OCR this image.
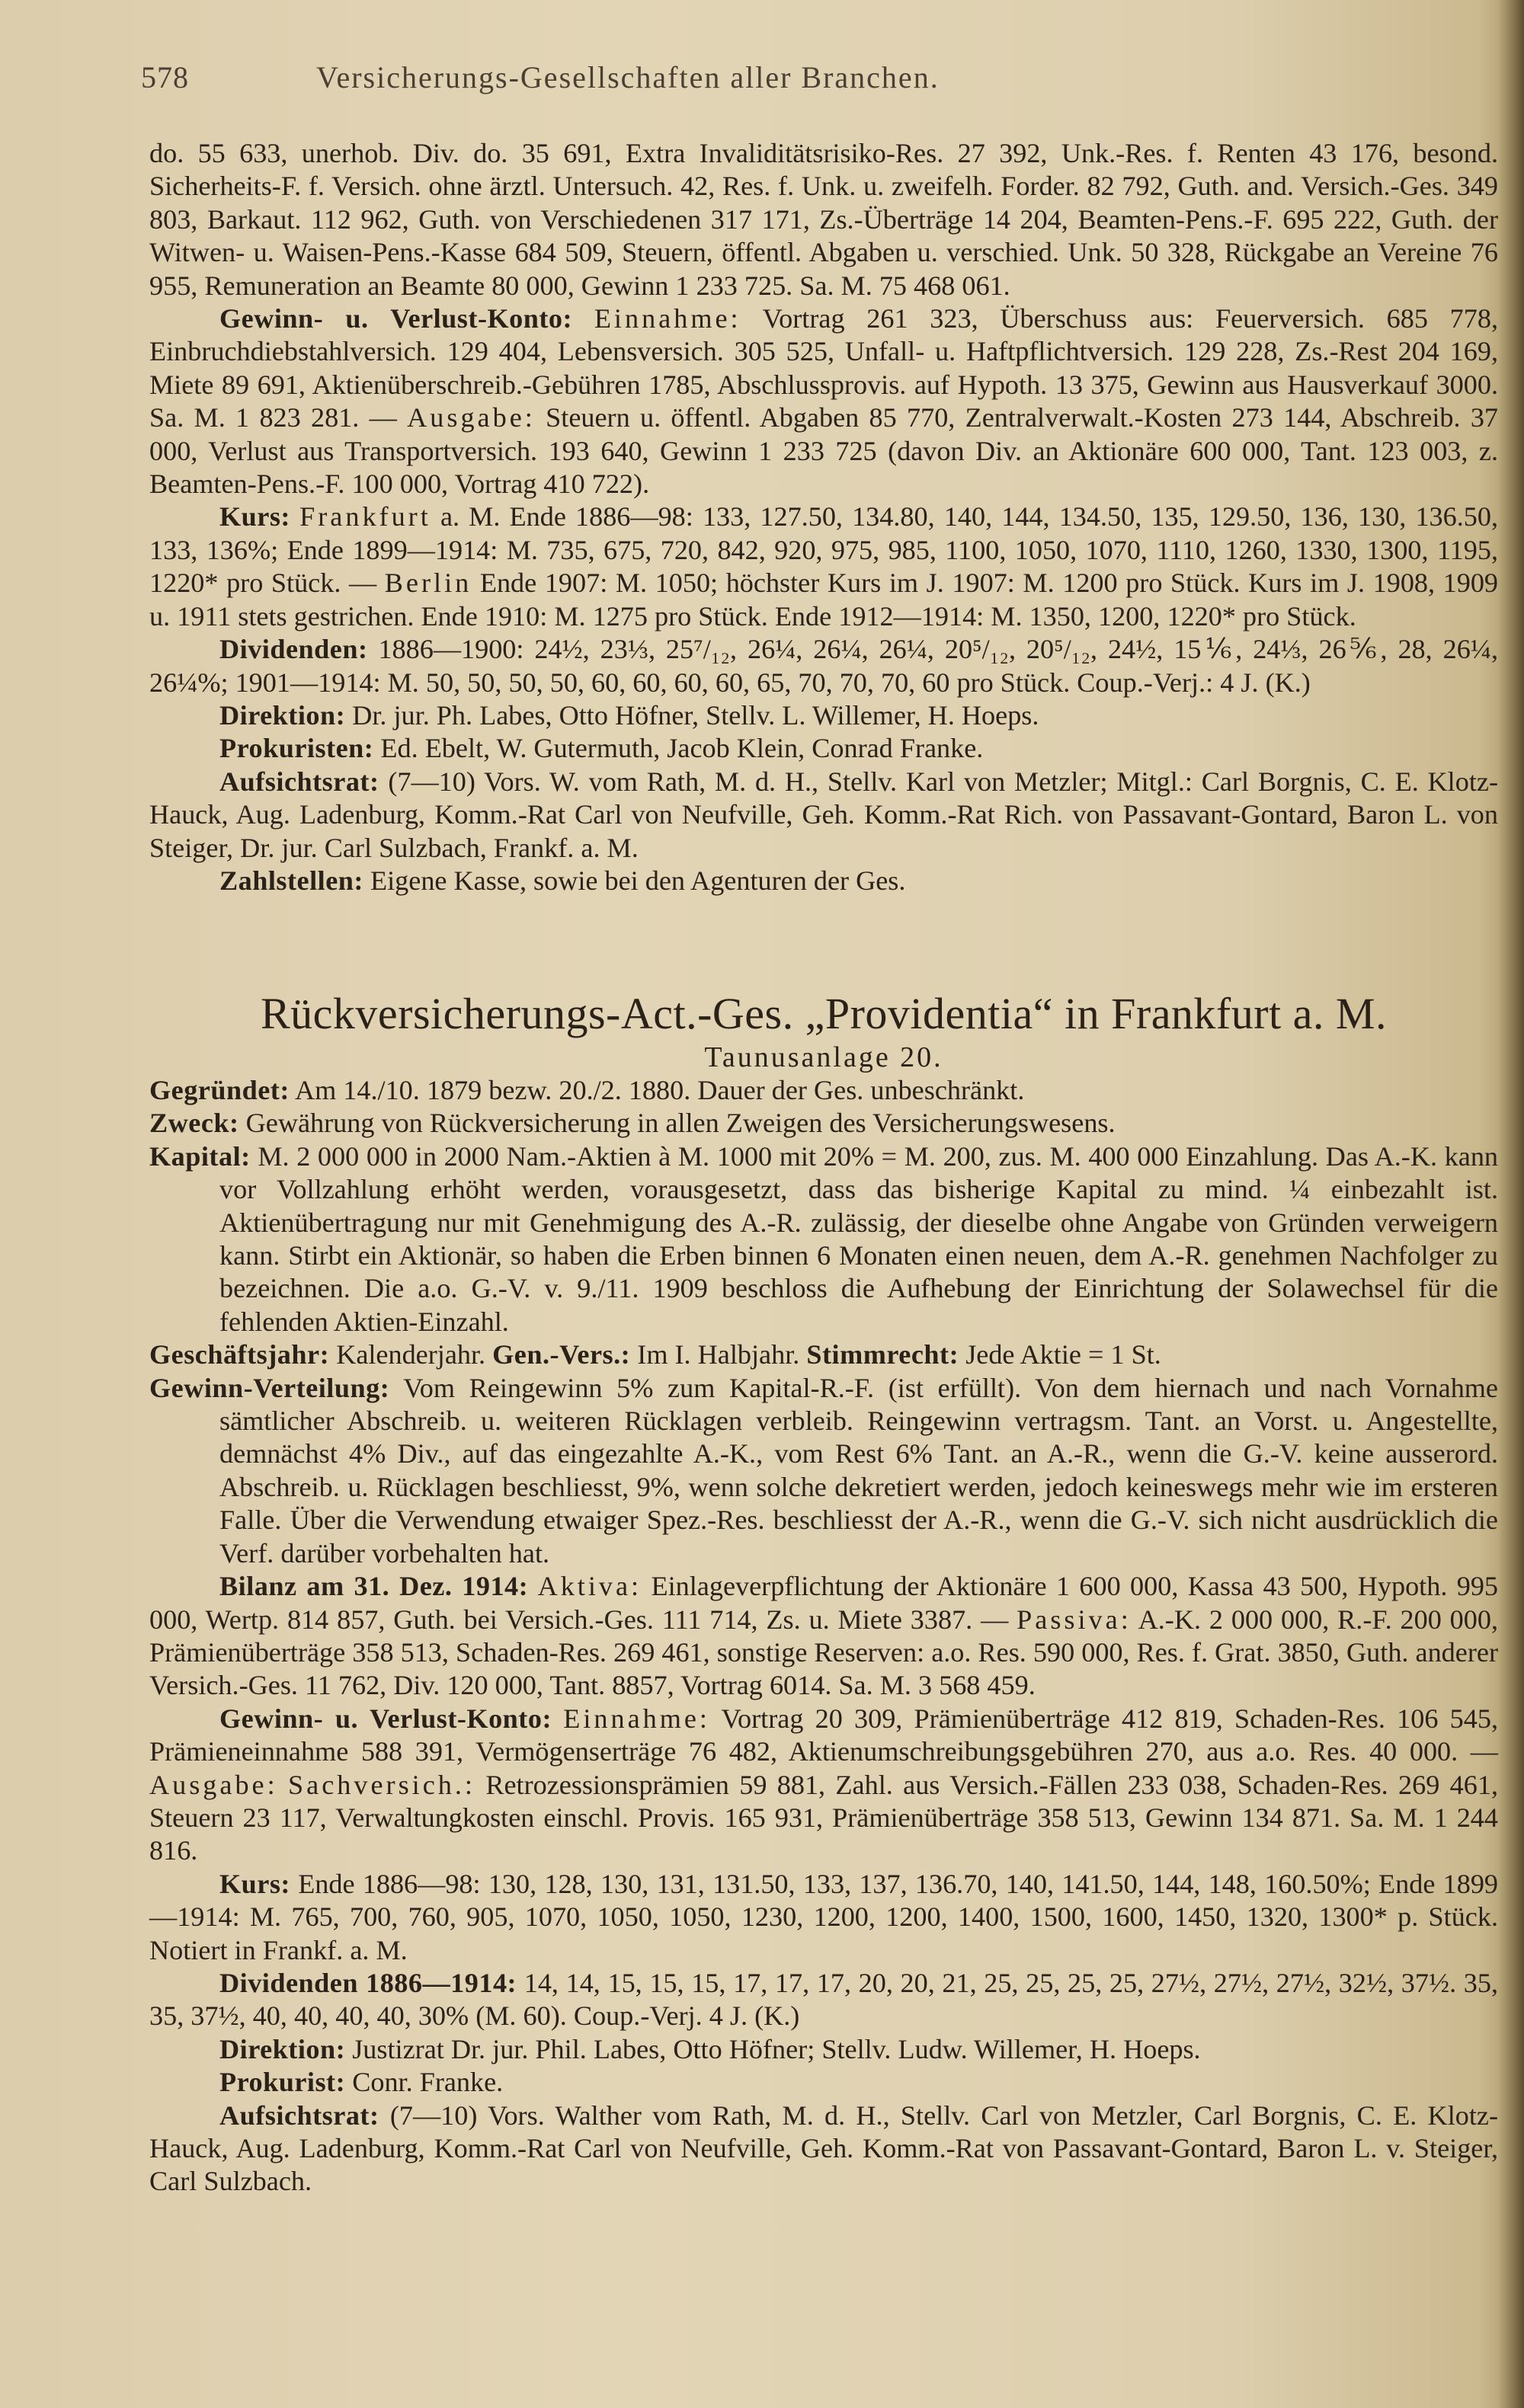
578	Versicherungs-Gesellschaften aller Branchen.

do. 55 633, unerhob. Div. do. 35 691, Extra Invaliditätsrisiko-Res. 27 392, Unk.-Res. f. Renten 43 176, besond. Sicherheits-F. f. Versich. ohne ärztl. Untersuch. 42, Res. f. Unk. u. zweifelh. Forder. 82 792, Guth. and. Versich.-Ges. 349 803, Barkaut. 112 962, Guth. von Verschiedenen 317 171, Zs.-Überträge 14 204, Beamten-Pens.-F. 695 222, Guth. der Witwen- u. Waisen-Pens.-Kasse 684 509, Steuern, öffentl. Abgaben u. verschied. Unk. 50 328, Rückgabe an Vereine 76 955, Remuneration an Beamte 80 000, Gewinn 1 233 725. Sa. M. 75 468 061.

Gewinn- u. Verlust-Konto: Einnahme: Vortrag 261 323, Überschuss aus: Feuerversich. 685 778, Einbruchdiebstahlversich. 129 404, Lebensversich. 305 525, Unfall- u. Haftpflichtversich. 129 228, Zs.-Rest 204 169, Miete 89 691, Aktienüberschreib.-Gebühren 1785, Abschlussprovis. auf Hypoth. 13 375, Gewinn aus Hausverkauf 3000. Sa. M. 1 823 281. — Ausgabe: Steuern u. öffentl. Abgaben 85 770, Zentralverwalt.-Kosten 273 144, Abschreib. 37 000, Verlust aus Transportversich. 193 640, Gewinn 1 233 725 (davon Div. an Aktionäre 600 000, Tant. 123 003, z. Beamten-Pens.-F. 100 000, Vortrag 410 722).

Kurs: Frankfurt a. M. Ende 1886—98: 133, 127.50, 134.80, 140, 144, 134.50, 135, 129.50, 136, 130, 136.50, 133, 136%; Ende 1899—1914: M. 735, 675, 720, 842, 920, 975, 985, 1100, 1050, 1070, 1110, 1260, 1330, 1300, 1195, 1220* pro Stück. — Berlin Ende 1907: M. 1050; höchster Kurs im J. 1907: M. 1200 pro Stück. Kurs im J. 1908, 1909 u. 1911 stets gestrichen. Ende 1910: M. 1275 pro Stück. Ende 1912—1914: M. 1350, 1200, 1220* pro Stück.

Dividenden: 1886—1900: 24½, 23⅓, 25⁷/₁₂, 26¼, 26¼, 26¼, 20⁵/₁₂, 20⁵/₁₂, 24½, 15⅙, 24⅓, 26⅚, 28, 26¼, 26¼%; 1901—1914: M. 50, 50, 50, 50, 60, 60, 60, 60, 65, 70, 70, 70, 60 pro Stück. Coup.-Verj.: 4 J. (K.)

Direktion: Dr. jur. Ph. Labes, Otto Höfner, Stellv. L. Willemer, H. Hoeps.

Prokuristen: Ed. Ebelt, W. Gutermuth, Jacob Klein, Conrad Franke.

Aufsichtsrat: (7—10) Vors. W. vom Rath, M. d. H., Stellv. Karl von Metzler; Mitgl.: Carl Borgnis, C. E. Klotz-Hauck, Aug. Ladenburg, Komm.-Rat Carl von Neufville, Geh. Komm.-Rat Rich. von Passavant-Gontard, Baron L. von Steiger, Dr. jur. Carl Sulzbach, Frankf. a. M.

Zahlstellen: Eigene Kasse, sowie bei den Agenturen der Ges.

Rückversicherungs-Act.-Ges. „Providentia“ in Frankfurt a. M.

Taunusanlage 20.

Gegründet: Am 14./10. 1879 bezw. 20./2. 1880. Dauer der Ges. unbeschränkt.

Zweck: Gewährung von Rückversicherung in allen Zweigen des Versicherungswesens.

Kapital: M. 2 000 000 in 2000 Nam.-Aktien à M. 1000 mit 20% = M. 200, zus. M. 400 000 Einzahlung. Das A.-K. kann vor Vollzahlung erhöht werden, vorausgesetzt, dass das bisherige Kapital zu mind. ¼ einbezahlt ist. Aktienübertragung nur mit Genehmigung des A.-R. zulässig, der dieselbe ohne Angabe von Gründen verweigern kann. Stirbt ein Aktionär, so haben die Erben binnen 6 Monaten einen neuen, dem A.-R. genehmen Nachfolger zu bezeichnen. Die a.o. G.-V. v. 9./11. 1909 beschloss die Aufhebung der Einrichtung der Solawechsel für die fehlenden Aktien-Einzahl.

Geschäftsjahr: Kalenderjahr. Gen.-Vers.: Im I. Halbjahr. Stimmrecht: Jede Aktie = 1 St.

Gewinn-Verteilung: Vom Reingewinn 5% zum Kapital-R.-F. (ist erfüllt). Von dem hiernach und nach Vornahme sämtlicher Abschreib. u. weiteren Rücklagen verbleib. Reingewinn vertragsm. Tant. an Vorst. u. Angestellte, demnächst 4% Div., auf das eingezahlte A.-K., vom Rest 6% Tant. an A.-R., wenn die G.-V. keine ausserord. Abschreib. u. Rücklagen beschliesst, 9%, wenn solche dekretiert werden, jedoch keineswegs mehr wie im ersteren Falle. Über die Verwendung etwaiger Spez.-Res. beschliesst der A.-R., wenn die G.-V. sich nicht ausdrücklich die Verf. darüber vorbehalten hat.

Bilanz am 31. Dez. 1914: Aktiva: Einlageverpflichtung der Aktionäre 1 600 000, Kassa 43 500, Hypoth. 995 000, Wertp. 814 857, Guth. bei Versich.-Ges. 111 714, Zs. u. Miete 3387. — Passiva: A.-K. 2 000 000, R.-F. 200 000, Prämienüberträge 358 513, Schaden-Res. 269 461, sonstige Reserven: a.o. Res. 590 000, Res. f. Grat. 3850, Guth. anderer Versich.-Ges. 11 762, Div. 120 000, Tant. 8857, Vortrag 6014. Sa. M. 3 568 459.

Gewinn- u. Verlust-Konto: Einnahme: Vortrag 20 309, Prämienüberträge 412 819, Schaden-Res. 106 545, Prämieneinnahme 588 391, Vermögenserträge 76 482, Aktienumschreibungsgebühren 270, aus a.o. Res. 40 000. — Ausgabe: Sachversich.: Retrozessionsprämien 59 881, Zahl. aus Versich.-Fällen 233 038, Schaden-Res. 269 461, Steuern 23 117, Verwaltungkosten einschl. Provis. 165 931, Prämienüberträge 358 513, Gewinn 134 871. Sa. M. 1 244 816.

Kurs: Ende 1886—98: 130, 128, 130, 131, 131.50, 133, 137, 136.70, 140, 141.50, 144, 148, 160.50%; Ende 1899—1914: M. 765, 700, 760, 905, 1070, 1050, 1050, 1230, 1200, 1200, 1400, 1500, 1600, 1450, 1320, 1300* p. Stück. Notiert in Frankf. a. M.

Dividenden 1886—1914: 14, 14, 15, 15, 15, 17, 17, 17, 20, 20, 21, 25, 25, 25, 25, 27½, 27½, 27½, 32½, 37½. 35, 35, 37½, 40, 40, 40, 40, 30% (M. 60). Coup.-Verj. 4 J. (K.)

Direktion: Justizrat Dr. jur. Phil. Labes, Otto Höfner; Stellv. Ludw. Willemer, H. Hoeps.

Prokurist: Conr. Franke.

Aufsichtsrat: (7—10) Vors. Walther vom Rath, M. d. H., Stellv. Carl von Metzler, Carl Borgnis, C. E. Klotz-Hauck, Aug. Ladenburg, Komm.-Rat Carl von Neufville, Geh. Komm.-Rat von Passavant-Gontard, Baron L. v. Steiger, Carl Sulzbach.
